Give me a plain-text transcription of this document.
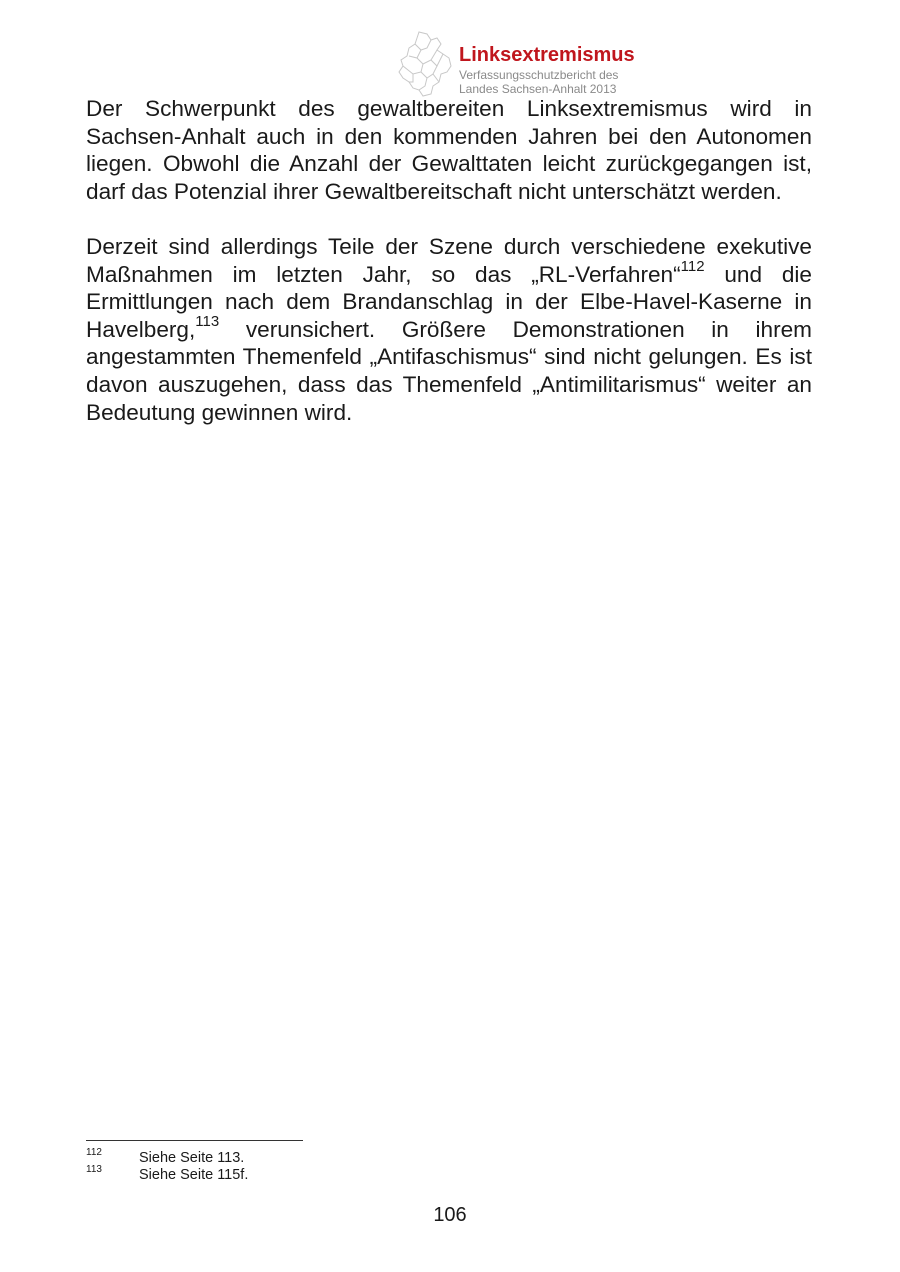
Linksextremismus
Verfassungsschutzbericht des
Landes Sachsen-Anhalt 2013

Der Schwerpunkt des gewaltbereiten Linksextremismus wird in Sachsen-Anhalt auch in den kommenden Jahren bei den Autonomen liegen. Obwohl die Anzahl der Gewalttaten leicht zurückgegangen ist, darf das Potenzial ihrer Gewaltbereitschaft nicht unterschätzt werden.

Derzeit sind allerdings Teile der Szene durch verschiedene exekutive Maßnahmen im letzten Jahr, so das „RL-Verfahren“$^{112}$ und die Ermittlungen nach dem Brandanschlag in der Elbe-Havel-Kaserne in Havelberg,$^{113}$ verunsichert. Größere Demonstrationen in ihrem angestammten Themenfeld „Antifaschismus“ sind nicht gelungen. Es ist davon auszugehen, dass das Themenfeld „Antimilitarismus“ weiter an Bedeutung gewinnen wird.

112	Siehe Seite 113.
113	Siehe Seite 115f.
106
